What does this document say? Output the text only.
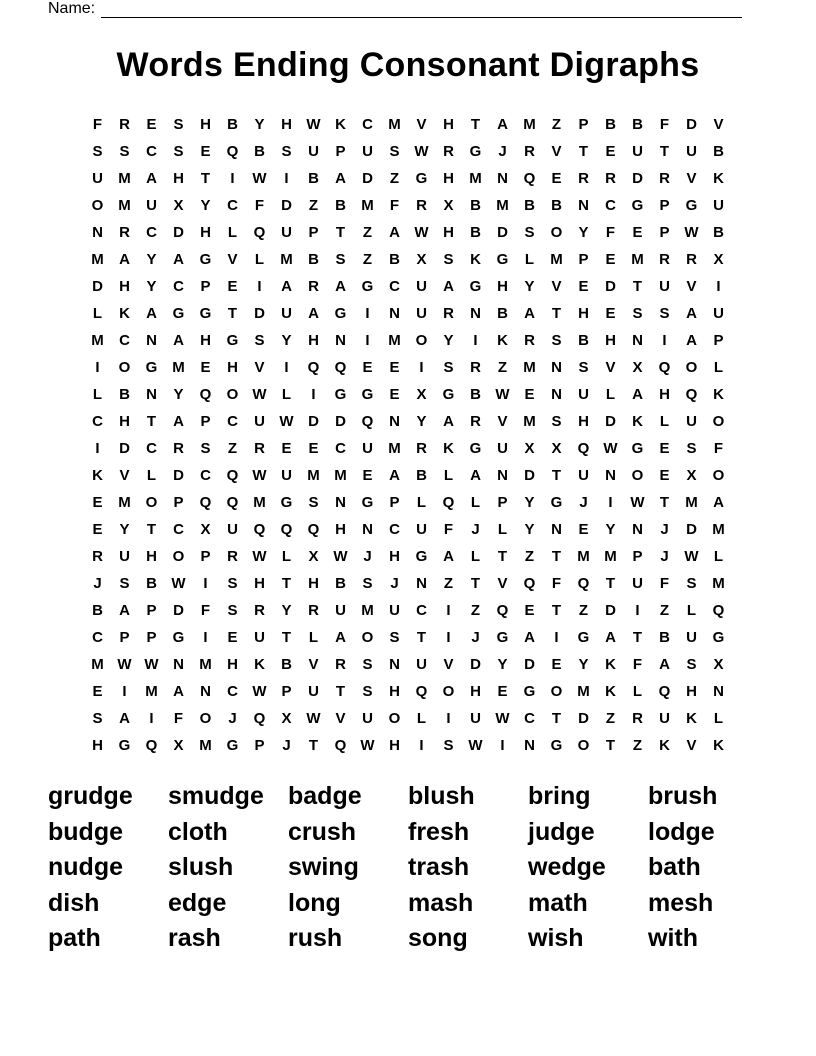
Name:
Words Ending Consonant Digraphs
F	R	E	S	H	B	Y	H W K	C	M	V	H	T	A	M	Z	P	B	B	F	D	V
S	S	C	S	E	Q	B	S	U	P	U	S W R	G	J	R	V	T	E	U	T	U	B
U	M	A	H	T	I	W	I	B	A	D	Z	G	H	M	N	Q	E	R	R	D	R	V	K
O M	U	X	Y	C	F	D	Z	B	M	F	R	X	B	M	B	B	N	C	G	P	G	U
N	R	C	D	H	L	Q	U	P	T	Z	A W H	B	D	S	O	Y	F	E	P W B
M	A	Y	A	G	V	L	M	B	S	Z	B	X	S	K	G	L	M	P	E	M	R	R	X
D	H	Y	C	P	E	I	A	R	A	G	C	U	A	G	H	Y	V	E	D	T	U	V	I
L	K	A	G	G	T	D	U	A	G	I	N	U	R	N	B	A	T	H	E	S	S	A	U
M	C	N	A	H	G	S	Y	H	N	I	M O	Y	I	K	R	S	B	H	N	I	A	P
I	O	G M	E	H	V	I	Q	Q	E	E	I	S	R	Z	M	N	S	V	X	Q	O	L
L	B	N	Y	Q	O W	L	I	G	G	E	X	G	B W E	N	U	L	A	H	Q	K
C	H	T	A	P	C	U W D	D	Q	N	Y	A	R	V	M	S	H	D	K	L	U	O
I	D	C	R	S	Z	R	E	E	C	U	M	R	K	G	U	X	X	Q W G	E	S	F
K	V	L	D	C	Q W U	M M	E	A	B	L	A	N	D	T	U	N	O	E	X	O
E	M O	P	Q	Q M G	S	N	G	P	L	Q	L	P	Y	G	J	I	W	T	M	A
E	Y	T	C	X	U	Q	Q	Q	H	N	C	U	F	J	L	Y	N	E	Y	N	J	D	M
R	U	H	O	P	R W	L	X W	J	H	G	A	L	T	Z	T	M M	P	J	W	L
J	S	B W	I	S	H	T	H	B	S	J	N	Z	T	V	Q	F	Q	T	U	F	S	M
B	A	P	D	F	S	R	Y	R	U	M	U	C	I	Z	Q	E	T	Z	D	I	Z	L	Q
C	P	P	G	I	E	U	T	L	A	O	S	T	I	J	G	A	I	G	A	T	B	U	G
M W W N	M	H	K	B	V	R	S	N	U	V	D	Y	D	E	Y	K	F	A	S	X
E	I	M	A	N	C W P	U	T	S	H	Q	O	H	E	G	O M	K	L	Q	H	N
S	A	I	F	O	J	Q	X W V	U	O	L	I	U W C	T	D	Z	R	U	K	L
H	G	Q	X	M G	P	J	T	Q W H	I	S W	I	N	G	O	T	Z	K	V	K
grudge	smudge badge	blush	bring	brush
budge	cloth	crush	fresh	judge	lodge
nudge	slush	swing	trash	wedge	bath
dish	edge	long	mash	math	mesh
path	rash	rush	song	wish	with
